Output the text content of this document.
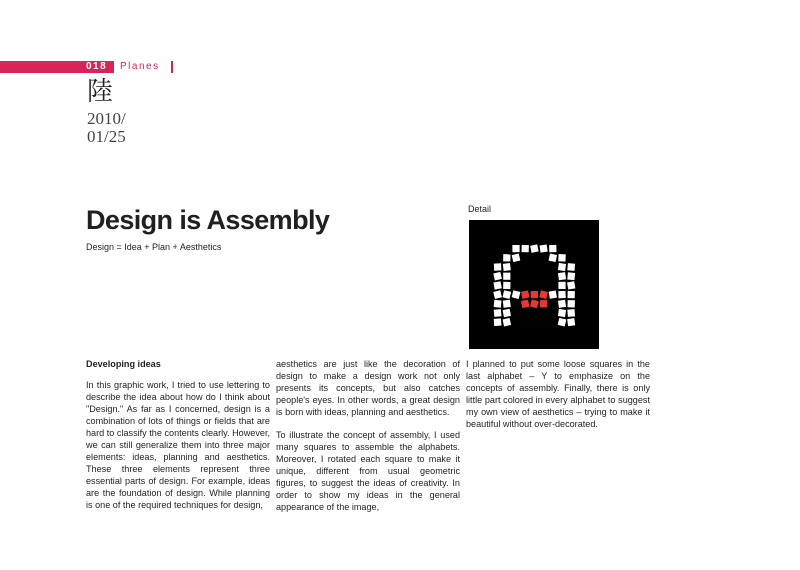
018 Planes
陸
2010/ 01/25
Design is Assembly
Design = Idea + Plan + Aesthetics
Detail
Developing ideas

In this graphic work, I tried to use lettering to describe the idea about how do I think about "Design." As far as I concerned, design is a combination of lots of things or fields that are hard to classify the contents clearly. However, we can still generalize them into three major elements: ideas, planning and aesthetics. These three elements represent three essential parts of design. For example, ideas are the foundation of design. While planning is one of the required techniques for design,

aesthetics are just like the decoration of design to make a design work not only presents its concepts, but also catches people's eyes. In other words, a great design is born with ideas, planning and aesthetics.

To illustrate the concept of assembly, I used many squares to assemble the alphabets. Moreover, I rotated each square to make it unique, different from usual geometric figures, to suggest the ideas of creativity. In order to show my ideas in the general appearance of the image,

I planned to put some loose squares in the last alphabet – Y to emphasize on the concepts of assembly. Finally, there is only little part colored in every alphabet to suggest my own view of aesthetics – trying to make it beautiful without over-decorated.
